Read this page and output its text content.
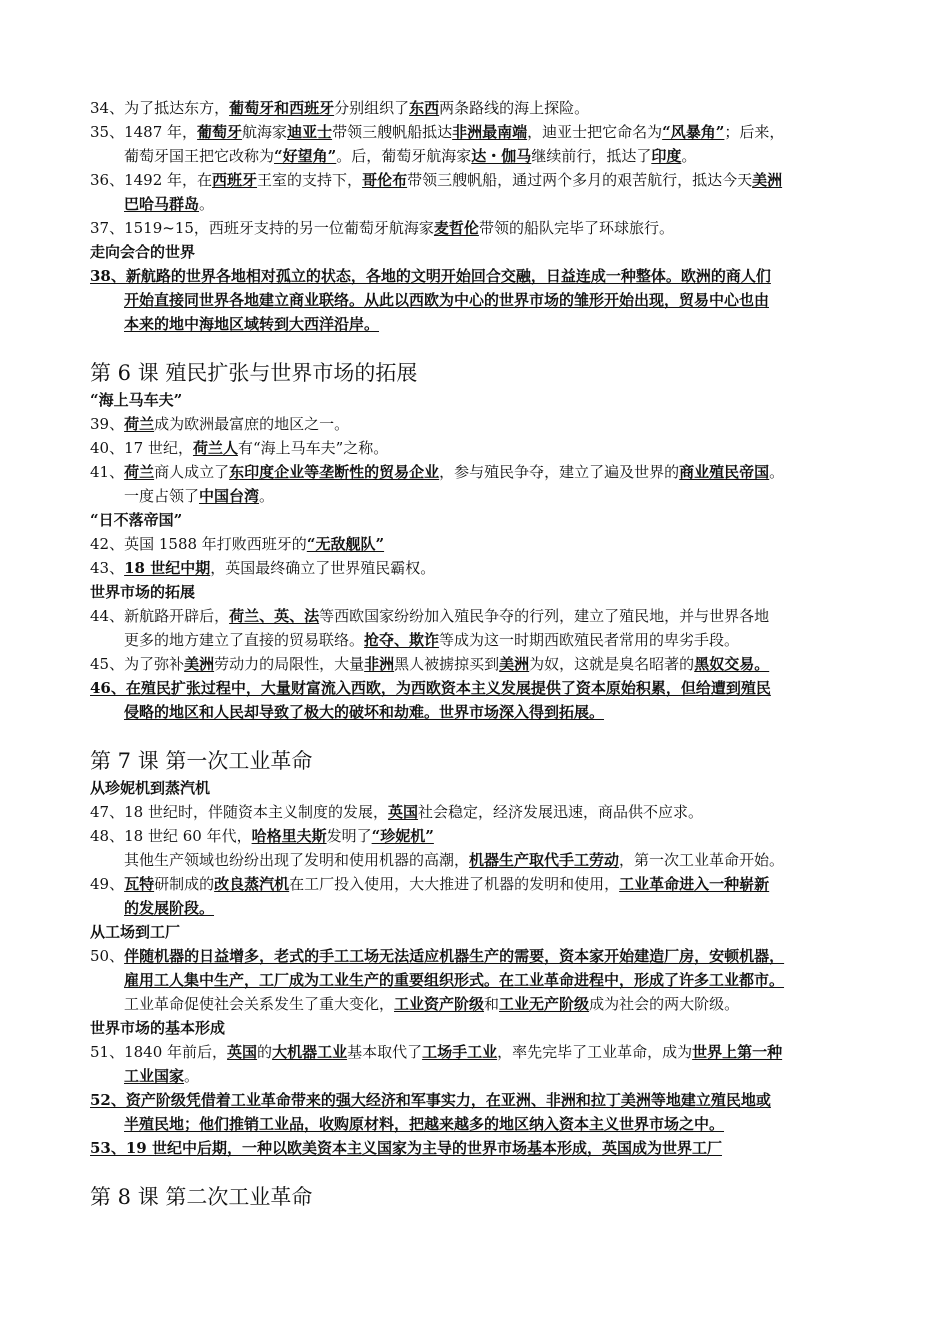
34、为了抵达东方，葡萄牙和西班牙分别组织了东西两条路线的海上探险。
35、1487 年，葡萄牙航海家迪亚士带领三艘帆船抵达非洲最南端，迪亚士把它命名为“风暴角”；后来，
葡萄牙国王把它改称为“好望角”。后，葡萄牙航海家达・伽马继续前行，抵达了印度。
36、1492 年，在西班牙王室的支持下，哥伦布带领三艘帆船，通过两个多月的艰苦航行，抵达今天美洲
巴哈马群岛。
37、1519~15，西班牙支持的另一位葡萄牙航海家麦哲伦带领的船队完毕了环球旅行。
走向会合的世界
38、新航路的世界各地相对孤立的状态，各地的文明开始回合交融，日益连成一种整体。欧洲的商人们
开始直接同世界各地建立商业联络。从此以西欧为中心的世界市场的雏形开始出现，贸易中心也由
本来的地中海地区域转到大西洋沿岸。
第 6 课 殖民扩张与世界市场的拓展
“海上马车夫”
39、荷兰成为欧洲最富庶的地区之一。
40、17 世纪，荷兰人有“海上马车夫”之称。
41、荷兰商人成立了东印度企业等垄断性的贸易企业，参与殖民争夺，建立了遍及世界的商业殖民帝国。
一度占领了中国台湾。
“日不落帝国”
42、英国 1588 年打败西班牙的“无敌舰队”
43、18 世纪中期，英国最终确立了世界殖民霸权。
世界市场的拓展
44、新航路开辟后，荷兰、英、法等西欧国家纷纷加入殖民争夺的行列，建立了殖民地，并与世界各地
更多的地方建立了直接的贸易联络。抢夺、欺诈等成为这一时期西欧殖民者常用的卑劣手段。
45、为了弥补美洲劳动力的局限性，大量非洲黑人被掳掠买到美洲为奴，这就是臭名昭著的黑奴交易。
46、在殖民扩张过程中，大量财富流入西欧，为西欧资本主义发展提供了资本原始积累，但给遭到殖民
侵略的地区和人民却导致了极大的破坏和劫难。世界市场深入得到拓展。
第 7 课 第一次工业革命
从珍妮机到蒸汽机
47、18 世纪时，伴随资本主义制度的发展，英国社会稳定，经济发展迅速，商品供不应求。
48、18 世纪 60 年代，哈格里夫斯发明了“珍妮机”
其他生产领域也纷纷出现了发明和使用机器的高潮，机器生产取代手工劳动，第一次工业革命开始。
49、瓦特研制成的改良蒸汽机在工厂投入使用，大大推进了机器的发明和使用，工业革命进入一种崭新
的发展阶段。
从工场到工厂
50、伴随机器的日益增多，老式的手工工场无法适应机器生产的需要，资本家开始建造厂房，安顿机器，
雇用工人集中生产，工厂成为工业生产的重要组织形式。在工业革命进程中，形成了许多工业都市。
工业革命促使社会关系发生了重大变化，工业资产阶级和工业无产阶级成为社会的两大阶级。
世界市场的基本形成
51、1840 年前后，英国的大机器工业基本取代了工场手工业，率先完毕了工业革命，成为世界上第一种
工业国家。
52、资产阶级凭借着工业革命带来的强大经济和军事实力，在亚洲、非洲和拉丁美洲等地建立殖民地或
半殖民地；他们推销工业品，收购原材料，把越来越多的地区纳入资本主义世界市场之中。
53、19 世纪中后期，一种以欧美资本主义国家为主导的世界市场基本形成，英国成为世界工厂
第 8 课 第二次工业革命
